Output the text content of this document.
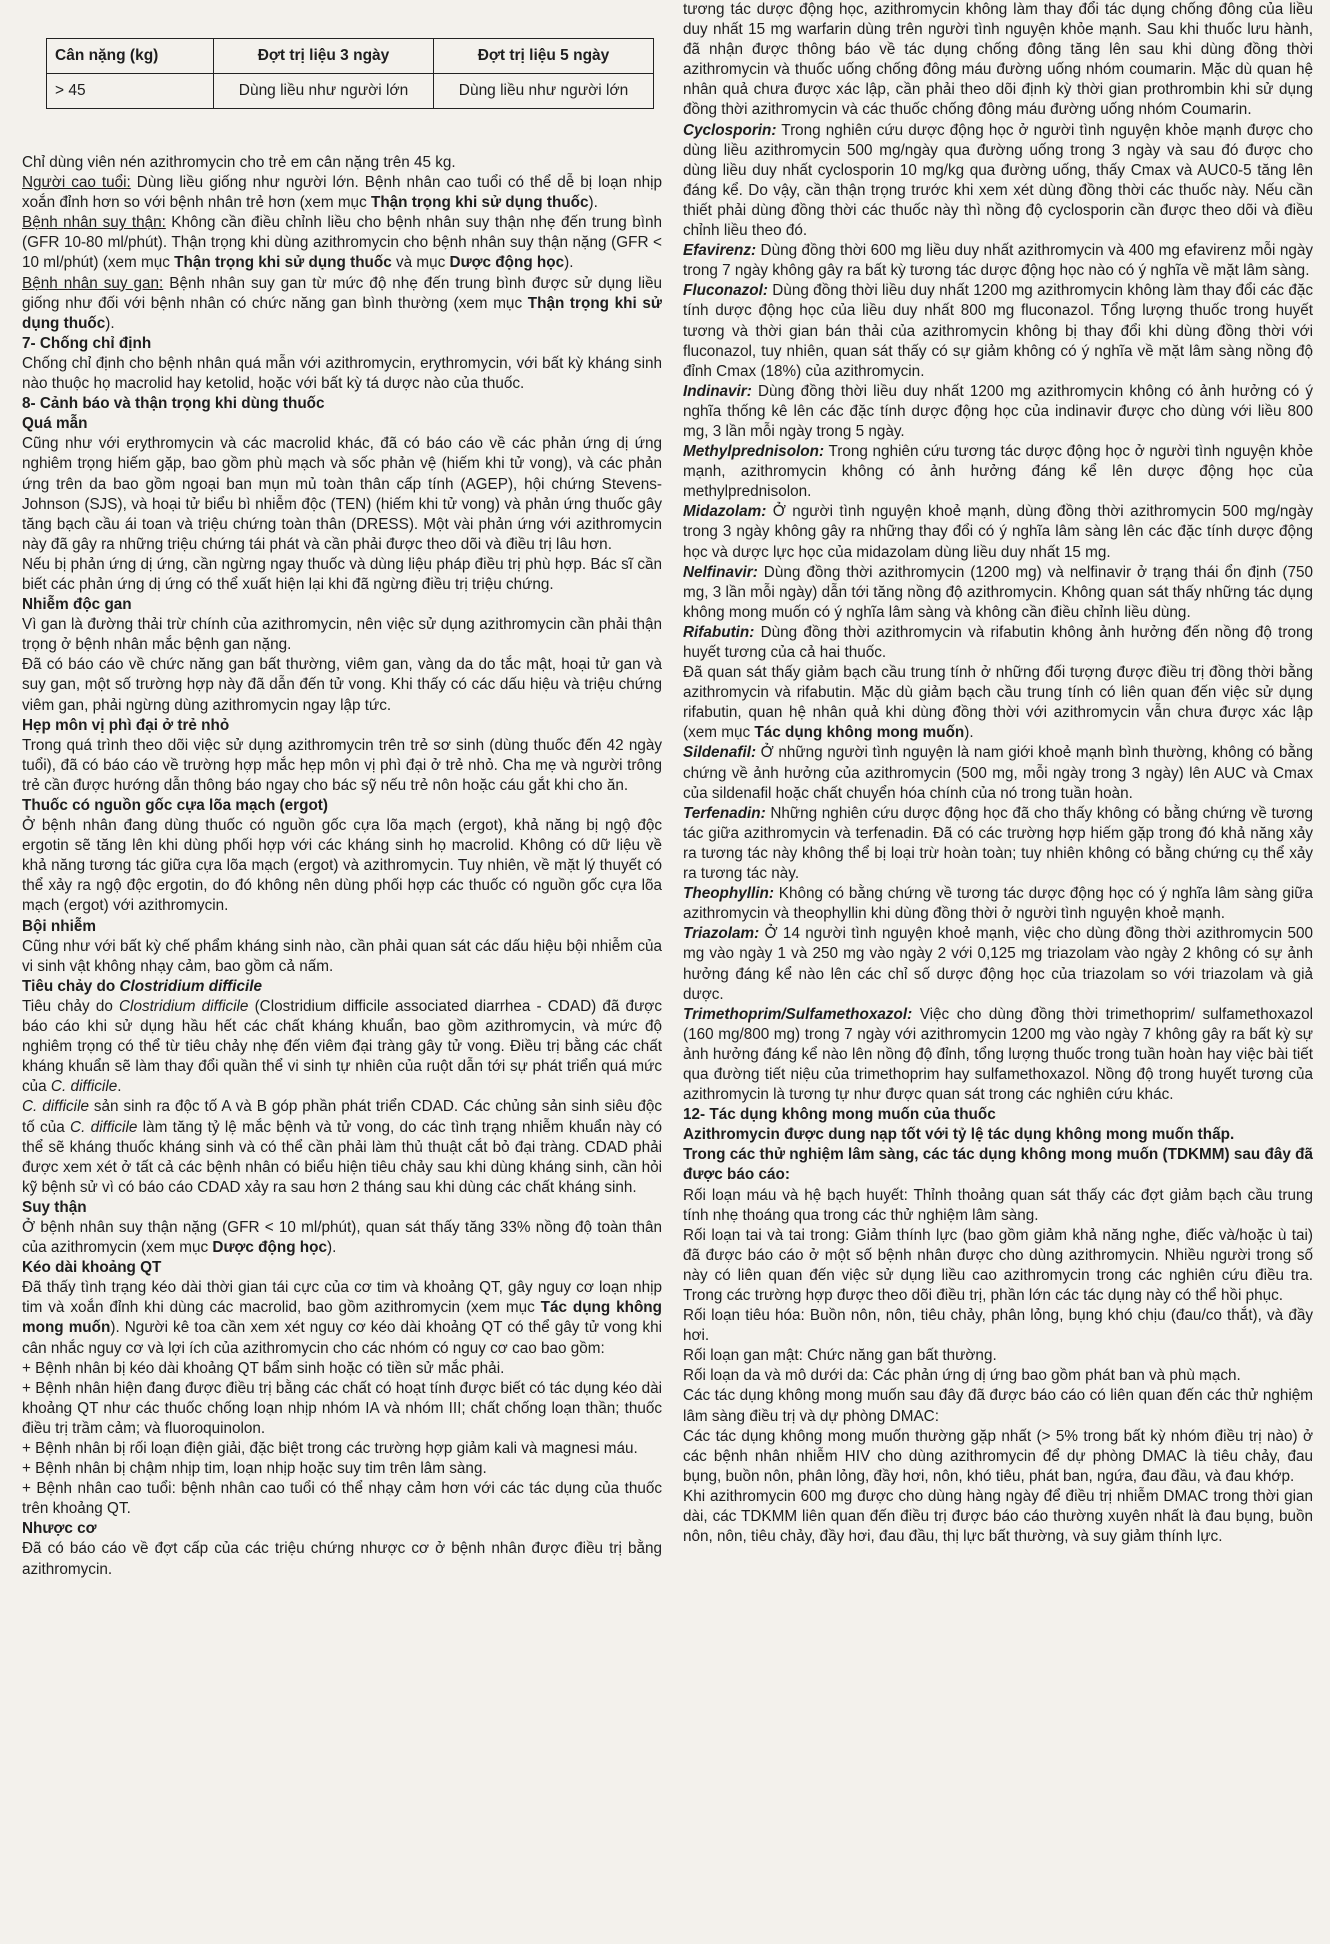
Cân nặng (kg)	Đợt trị liệu 3 ngày	Đợt trị liệu 5 ngày
> 45	Dùng liều như người lớn	Dùng liều như người lớn

Chỉ dùng viên nén azithromycin cho trẻ em cân nặng trên 45 kg.

Người cao tuổi: Dùng liều giống như người lớn. Bệnh nhân cao tuổi có thể dễ bị loạn nhịp xoắn đỉnh hơn so với bệnh nhân trẻ hơn (xem mục Thận trọng khi sử dụng thuốc).

Bệnh nhân suy thận: Không cần điều chỉnh liều cho bệnh nhân suy thận nhẹ đến trung bình (GFR 10-80 ml/phút). Thận trọng khi dùng azithromycin cho bệnh nhân suy thận nặng (GFR < 10 ml/phút) (xem mục Thận trọng khi sử dụng thuốc và mục Dược động học).

Bệnh nhân suy gan: Bệnh nhân suy gan từ mức độ nhẹ đến trung bình được sử dụng liều giống như đối với bệnh nhân có chức năng gan bình thường (xem mục Thận trọng khi sử dụng thuốc).

7- Chống chỉ định

Chống chỉ định cho bệnh nhân quá mẫn với azithromycin, erythromycin, với bất kỳ kháng sinh nào thuộc họ macrolid hay ketolid, hoặc với bất kỳ tá dược nào của thuốc.

8- Cảnh báo và thận trọng khi dùng thuốc
Quá mẫn

Cũng như với erythromycin và các macrolid khác, đã có báo cáo về các phản ứng dị ứng nghiêm trọng hiếm gặp, bao gồm phù mạch và sốc phản vệ (hiếm khi tử vong), và các phản ứng trên da bao gồm ngoại ban mụn mủ toàn thân cấp tính (AGEP), hội chứng Stevens-Johnson (SJS), và hoại tử biểu bì nhiễm độc (TEN) (hiếm khi tử vong) và phản ứng thuốc gây tăng bạch cầu ái toan và triệu chứng toàn thân (DRESS). Một vài phản ứng với azithromycin này đã gây ra những triệu chứng tái phát và cần phải được theo dõi và điều trị lâu hơn.

Nếu bị phản ứng dị ứng, cần ngừng ngay thuốc và dùng liệu pháp điều trị phù hợp. Bác sĩ cần biết các phản ứng dị ứng có thể xuất hiện lại khi đã ngừng điều trị triệu chứng.

Nhiễm độc gan

Vì gan là đường thải trừ chính của azithromycin, nên việc sử dụng azithromycin cần phải thận trọng ở bệnh nhân mắc bệnh gan nặng.

Đã có báo cáo về chức năng gan bất thường, viêm gan, vàng da do tắc mật, hoại tử gan và suy gan, một số trường hợp này đã dẫn đến tử vong. Khi thấy có các dấu hiệu và triệu chứng viêm gan, phải ngừng dùng azithromycin ngay lập tức.

Hẹp môn vị phì đại ở trẻ nhỏ

Trong quá trình theo dõi việc sử dụng azithromycin trên trẻ sơ sinh (dùng thuốc đến 42 ngày tuổi), đã có báo cáo về trường hợp mắc hẹp môn vị phì đại ở trẻ nhỏ. Cha mẹ và người trông trẻ cần được hướng dẫn thông báo ngay cho bác sỹ nếu trẻ nôn hoặc cáu gắt khi cho ăn.

Thuốc có nguồn gốc cựa lõa mạch (ergot)

Ở bệnh nhân đang dùng thuốc có nguồn gốc cựa lõa mạch (ergot), khả năng bị ngộ độc ergotin sẽ tăng lên khi dùng phối hợp với các kháng sinh họ macrolid. Không có dữ liệu về khả năng tương tác giữa cựa lõa mạch (ergot) và azithromycin. Tuy nhiên, về mặt lý thuyết có thể xảy ra ngộ độc ergotin, do đó không nên dùng phối hợp các thuốc có nguồn gốc cựa lõa mạch (ergot) với azithromycin.

Bội nhiễm

Cũng như với bất kỳ chế phẩm kháng sinh nào, cần phải quan sát các dấu hiệu bội nhiễm của vi sinh vật không nhạy cảm, bao gồm cả nấm.

Tiêu chảy do Clostridium difficile

Tiêu chảy do Clostridium difficile (Clostridium difficile associated diarrhea - CDAD) đã được báo cáo khi sử dụng hầu hết các chất kháng khuẩn, bao gồm azithromycin, và mức độ nghiêm trọng có thể từ tiêu chảy nhẹ đến viêm đại tràng gây tử vong. Điều trị bằng các chất kháng khuẩn sẽ làm thay đổi quần thể vi sinh tự nhiên của ruột dẫn tới sự phát triển quá mức của C. difficile.

C. difficile sản sinh ra độc tố A và B góp phần phát triển CDAD. Các chủng sản sinh siêu độc tố của C. difficile làm tăng tỷ lệ mắc bệnh và tử vong, do các tình trạng nhiễm khuẩn này có thể sẽ kháng thuốc kháng sinh và có thể cần phải làm thủ thuật cắt bỏ đại tràng. CDAD phải được xem xét ở tất cả các bệnh nhân có biểu hiện tiêu chảy sau khi dùng kháng sinh, cần hỏi kỹ bệnh sử vì có báo cáo CDAD xảy ra sau hơn 2 tháng sau khi dùng các chất kháng sinh.

Suy thận

Ở bệnh nhân suy thận nặng (GFR < 10 ml/phút), quan sát thấy tăng 33% nồng độ toàn thân của azithromycin (xem mục Dược động học).

Kéo dài khoảng QT

Đã thấy tình trạng kéo dài thời gian tái cực của cơ tim và khoảng QT, gây nguy cơ loạn nhịp tim và xoắn đỉnh khi dùng các macrolid, bao gồm azithromycin (xem mục Tác dụng không mong muốn). Người kê toa cần xem xét nguy cơ kéo dài khoảng QT có thể gây tử vong khi cân nhắc nguy cơ và lợi ích của azithromycin cho các nhóm có nguy cơ cao bao gồm:

+ Bệnh nhân bị kéo dài khoảng QT bẩm sinh hoặc có tiền sử mắc phải.

+ Bệnh nhân hiện đang được điều trị bằng các chất có hoạt tính được biết có tác dụng kéo dài khoảng QT như các thuốc chống loạn nhịp nhóm IA và nhóm III; chất chống loạn thần; thuốc điều trị trầm cảm; và fluoroquinolon.

+ Bệnh nhân bị rối loạn điện giải, đặc biệt trong các trường hợp giảm kali và magnesi máu.

+ Bệnh nhân bị chậm nhịp tim, loạn nhịp hoặc suy tim trên lâm sàng.

+ Bệnh nhân cao tuổi: bệnh nhân cao tuổi có thể nhạy cảm hơn với các tác dụng của thuốc trên khoảng QT.

Nhược cơ

Đã có báo cáo về đợt cấp của các triệu chứng nhược cơ ở bệnh nhân được điều trị bằng azithromycin.

tương tác dược động học, azithromycin không làm thay đổi tác dụng chống đông của liều duy nhất 15 mg warfarin dùng trên người tình nguyện khỏe mạnh. Sau khi thuốc lưu hành, đã nhận được thông báo về tác dụng chống đông tăng lên sau khi dùng đồng thời azithromycin và thuốc uống chống đông máu đường uống nhóm coumarin. Mặc dù quan hệ nhân quả chưa được xác lập, cần phải theo dõi định kỳ thời gian prothrombin khi sử dụng đồng thời azithromycin và các thuốc chống đông máu đường uống nhóm Coumarin.

Cyclosporin: Trong nghiên cứu dược động học ở người tình nguyện khỏe mạnh được cho dùng liều azithromycin 500 mg/ngày qua đường uống trong 3 ngày và sau đó được cho dùng liều duy nhất cyclosporin 10 mg/kg qua đường uống, thấy Cmax và AUC0-5 tăng lên đáng kể. Do vậy, cần thận trọng trước khi xem xét dùng đồng thời các thuốc này. Nếu cần thiết phải dùng đồng thời các thuốc này thì nồng độ cyclosporin cần được theo dõi và điều chỉnh liều theo đó.

Efavirenz: Dùng đồng thời 600 mg liều duy nhất azithromycin và 400 mg efavirenz mỗi ngày trong 7 ngày không gây ra bất kỳ tương tác dược động học nào có ý nghĩa về mặt lâm sàng.

Fluconazol: Dùng đồng thời liều duy nhất 1200 mg azithromycin không làm thay đổi các đặc tính dược động học của liều duy nhất 800 mg fluconazol. Tổng lượng thuốc trong huyết tương và thời gian bán thải của azithromycin không bị thay đổi khi dùng đồng thời với fluconazol, tuy nhiên, quan sát thấy có sự giảm không có ý nghĩa về mặt lâm sàng nồng độ đỉnh Cmax (18%) của azithromycin.

Indinavir: Dùng đồng thời liều duy nhất 1200 mg azithromycin không có ảnh hưởng có ý nghĩa thống kê lên các đặc tính dược động học của indinavir được cho dùng với liều 800 mg, 3 lần mỗi ngày trong 5 ngày.

Methylprednisolon: Trong nghiên cứu tương tác dược động học ở người tình nguyện khỏe mạnh, azithromycin không có ảnh hưởng đáng kể lên dược động học của methylprednisolon.

Midazolam: Ở người tình nguyện khoẻ mạnh, dùng đồng thời azithromycin 500 mg/ngày trong 3 ngày không gây ra những thay đổi có ý nghĩa lâm sàng lên các đặc tính dược động học và dược lực học của midazolam dùng liều duy nhất 15 mg.

Nelfinavir: Dùng đồng thời azithromycin (1200 mg) và nelfinavir ở trạng thái ổn định (750 mg, 3 lần mỗi ngày) dẫn tới tăng nồng độ azithromycin. Không quan sát thấy những tác dụng không mong muốn có ý nghĩa lâm sàng và không cần điều chỉnh liều dùng.

Rifabutin: Dùng đồng thời azithromycin và rifabutin không ảnh hưởng đến nồng độ trong huyết tương của cả hai thuốc.

Đã quan sát thấy giảm bạch cầu trung tính ở những đối tượng được điều trị đồng thời bằng azithromycin và rifabutin. Mặc dù giảm bạch cầu trung tính có liên quan đến việc sử dụng rifabutin, quan hệ nhân quả khi dùng đồng thời với azithromycin vẫn chưa được xác lập (xem mục Tác dụng không mong muốn).

Sildenafil: Ở những người tình nguyện là nam giới khoẻ mạnh bình thường, không có bằng chứng về ảnh hưởng của azithromycin (500 mg, mỗi ngày trong 3 ngày) lên AUC và Cmax của sildenafil hoặc chất chuyển hóa chính của nó trong tuần hoàn.

Terfenadin: Những nghiên cứu dược động học đã cho thấy không có bằng chứng về tương tác giữa azithromycin và terfenadin. Đã có các trường hợp hiếm gặp trong đó khả năng xảy ra tương tác này không thể bị loại trừ hoàn toàn; tuy nhiên không có bằng chứng cụ thể xảy ra tương tác này.

Theophyllin: Không có bằng chứng về tương tác dược động học có ý nghĩa lâm sàng giữa azithromycin và theophyllin khi dùng đồng thời ở người tình nguyện khoẻ mạnh.

Triazolam: Ở 14 người tình nguyện khoẻ mạnh, việc cho dùng đồng thời azithromycin 500 mg vào ngày 1 và 250 mg vào ngày 2 với 0,125 mg triazolam vào ngày 2 không có sự ảnh hưởng đáng kể nào lên các chỉ số dược động học của triazolam so với triazolam và giả dược.

Trimethoprim/Sulfamethoxazol: Việc cho dùng đồng thời trimethoprim/ sulfamethoxazol (160 mg/800 mg) trong 7 ngày với azithromycin 1200 mg vào ngày 7 không gây ra bất kỳ sự ảnh hưởng đáng kể nào lên nồng độ đỉnh, tổng lượng thuốc trong tuần hoàn hay việc bài tiết qua đường tiết niệu của trimethoprim hay sulfamethoxazol. Nồng độ trong huyết tương của azithromycin là tương tự như được quan sát trong các nghiên cứu khác.

12- Tác dụng không mong muốn của thuốc
Azithromycin được dung nạp tốt với tỷ lệ tác dụng không mong muốn thấp.
Trong các thử nghiệm lâm sàng, các tác dụng không mong muốn (TDKMM) sau đây đã được báo cáo:

Rối loạn máu và hệ bạch huyết: Thỉnh thoảng quan sát thấy các đợt giảm bạch cầu trung tính nhẹ thoáng qua trong các thử nghiệm lâm sàng.

Rối loạn tai và tai trong: Giảm thính lực (bao gồm giảm khả năng nghe, điếc và/hoặc ù tai) đã được báo cáo ở một số bệnh nhân được cho dùng azithromycin. Nhiều người trong số này có liên quan đến việc sử dụng liều cao azithromycin trong các nghiên cứu điều tra. Trong các trường hợp được theo dõi điều trị, phần lớn các tác dụng này có thể hồi phục.

Rối loạn tiêu hóa: Buồn nôn, nôn, tiêu chảy, phân lỏng, bụng khó chịu (đau/co thắt), và đầy hơi.

Rối loạn gan mật: Chức năng gan bất thường.

Rối loạn da và mô dưới da: Các phản ứng dị ứng bao gồm phát ban và phù mạch.

Các tác dụng không mong muốn sau đây đã được báo cáo có liên quan đến các thử nghiệm lâm sàng điều trị và dự phòng DMAC:

Các tác dụng không mong muốn thường gặp nhất (> 5% trong bất kỳ nhóm điều trị nào) ở các bệnh nhân nhiễm HIV cho dùng azithromycin để dự phòng DMAC là tiêu chảy, đau bụng, buồn nôn, phân lỏng, đầy hơi, nôn, khó tiêu, phát ban, ngứa, đau đầu, và đau khớp.

Khi azithromycin 600 mg được cho dùng hàng ngày để điều trị nhiễm DMAC trong thời gian dài, các TDKMM liên quan đến điều trị được báo cáo thường xuyên nhất là đau bụng, buồn nôn, nôn, tiêu chảy, đầy hơi, đau đầu, thị lực bất thường, và suy giảm thính lực.
